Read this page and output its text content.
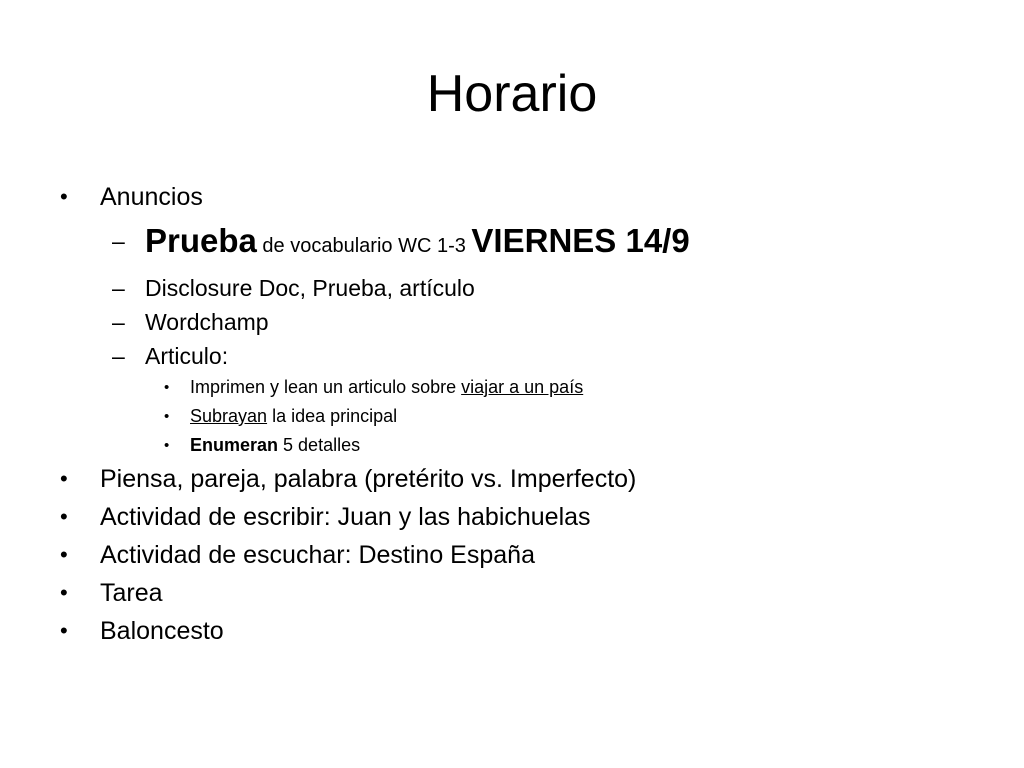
Horario
•	Anuncios
– Prueba de vocabulario WC 1-3 VIERNES 14/9
– Disclosure Doc, Prueba, artículo
– Wordchamp
– Articulo:
• Imprimen y lean un articulo sobre viajar a un país
• Subrayan la idea principal
• Enumeran 5 detalles
•	Piensa, pareja, palabra (pretérito vs. Imperfecto)
•	Actividad de escribir: Juan y las habichuelas
•	Actividad de escuchar: Destino España
•	Tarea
•	Baloncesto
